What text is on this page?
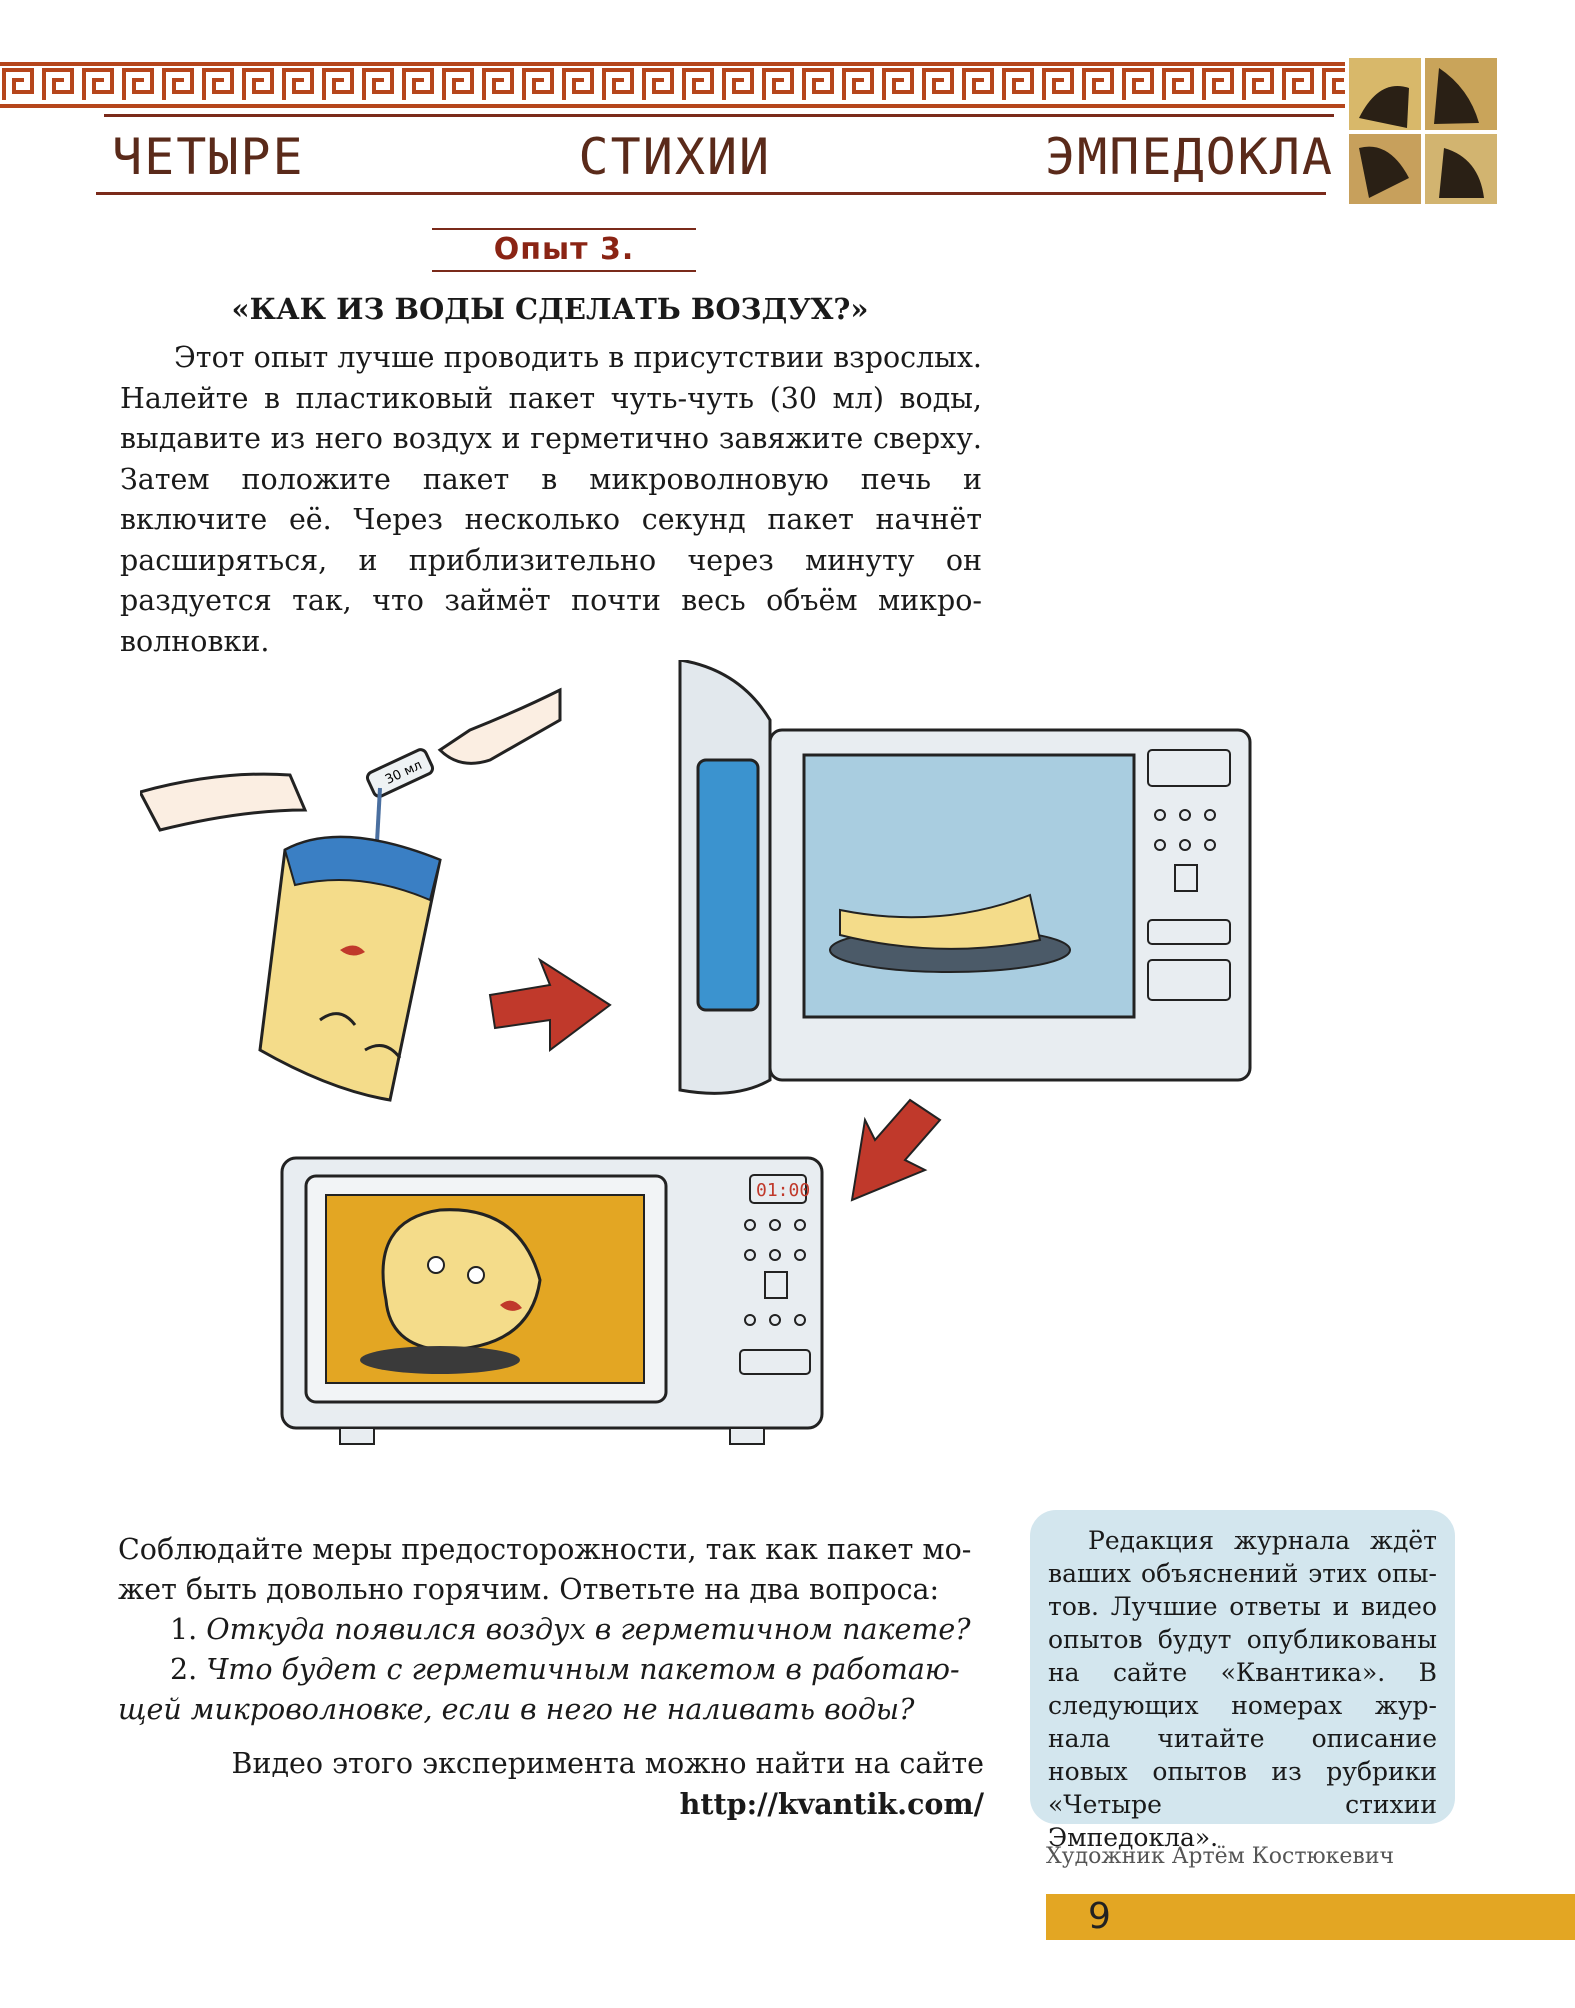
ЧЕТЫРЕ	СТИХИИ	ЭМПЕДОКЛА
Опыт 3.
«КАК ИЗ ВОДЫ СДЕЛАТЬ ВОЗДУХ?»

Этот опыт лучше проводить в присутствии взрослых. Налейте в пластиковый пакет чуть-чуть (30 мл) воды, выдавите из него воздух и герметично завяжите сверху. Затем положите пакет в микроволновую печь и включите её. Через несколько секунд пакет начнёт расширяться, и приблизительно через минуту он раздуется так, что займёт почти весь объём микроволновки.

30 мл
01:00

Соблюдайте меры предосторожности, так как пакет может быть довольно горячим. Ответьте на два вопроса:

1. Откуда появился воздух в герметичном пакете?

2. Что будет с герметичным пакетом в работающей микроволновке, если в него не наливать воды?

Видео этого эксперимента можно найти на сайте http://kvantik.com/

Редакция журнала ждёт ваших объяснений этих опытов. Лучшие ответы и видео опытов будут опубликованы на сайте «Квантика». В следующих номерах журнала читайте описание новых опытов из рубрики «Четыре стихии Эмпедокла».

Художник Артём Костюкевич
9
